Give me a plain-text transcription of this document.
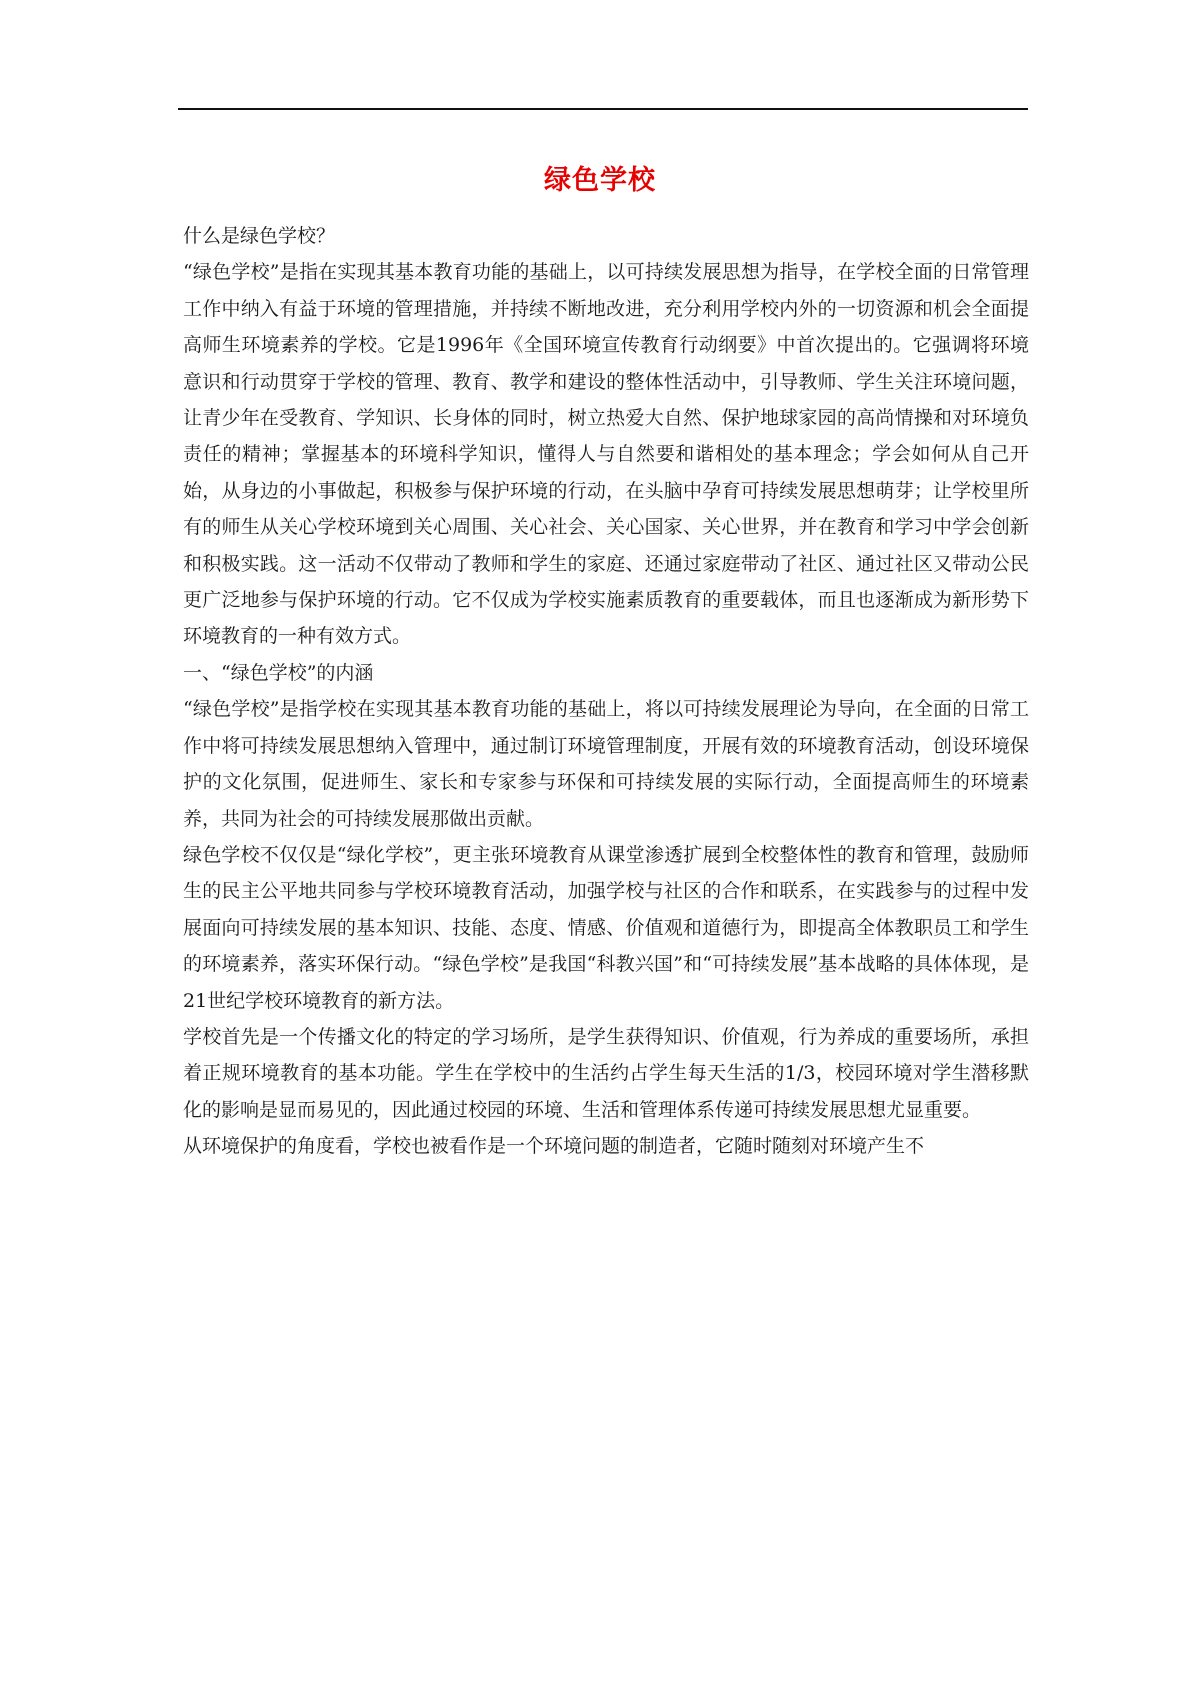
绿色学校

什么是绿色学校？

“绿色学校”是指在实现其基本教育功能的基础上，以可持续发展思想为指导，在学校全面的日常管理工作中纳入有益于环境的管理措施，并持续不断地改进，充分利用学校内外的一切资源和机会全面提高师生环境素养的学校。它是1996年《全国环境宣传教育行动纲要》中首次提出的。它强调将环境意识和行动贯穿于学校的管理、教育、教学和建设的整体性活动中，引导教师、学生关注环境问题，让青少年在受教育、学知识、长身体的同时，树立热爱大自然、保护地球家园的高尚情操和对环境负责任的精神；掌握基本的环境科学知识，懂得人与自然要和谐相处的基本理念；学会如何从自己开始，从身边的小事做起，积极参与保护环境的行动，在头脑中孕育可持续发展思想萌芽；让学校里所有的师生从关心学校环境到关心周围、关心社会、关心国家、关心世界，并在教育和学习中学会创新和积极实践。这一活动不仅带动了教师和学生的家庭、还通过家庭带动了社区、通过社区又带动公民更广泛地参与保护环境的行动。它不仅成为学校实施素质教育的重要载体，而且也逐渐成为新形势下环境教育的一种有效方式。

一、“绿色学校”的内涵

“绿色学校”是指学校在实现其基本教育功能的基础上，将以可持续发展理论为导向，在全面的日常工作中将可持续发展思想纳入管理中，通过制订环境管理制度，开展有效的环境教育活动，创设环境保护的文化氛围，促进师生、家长和专家参与环保和可持续发展的实际行动，全面提高师生的环境素养，共同为社会的可持续发展那做出贡献。

绿色学校不仅仅是“绿化学校”，更主张环境教育从课堂渗透扩展到全校整体性的教育和管理，鼓励师生的民主公平地共同参与学校环境教育活动，加强学校与社区的合作和联系，在实践参与的过程中发展面向可持续发展的基本知识、技能、态度、情感、价值观和道德行为，即提高全体教职员工和学生的环境素养，落实环保行动。“绿色学校”是我国“科教兴国”和“可持续发展”基本战略的具体体现，是21世纪学校环境教育的新方法。

学校首先是一个传播文化的特定的学习场所，是学生获得知识、价值观，行为养成的重要场所，承担着正规环境教育的基本功能。学生在学校中的生活约占学生每天生活的1/3，校园环境对学生潜移默化的影响是显而易见的，因此通过校园的环境、生活和管理体系传递可持续发展思想尤显重要。

从环境保护的角度看，学校也被看作是一个环境问题的制造者，它随时随刻对环境产生不
